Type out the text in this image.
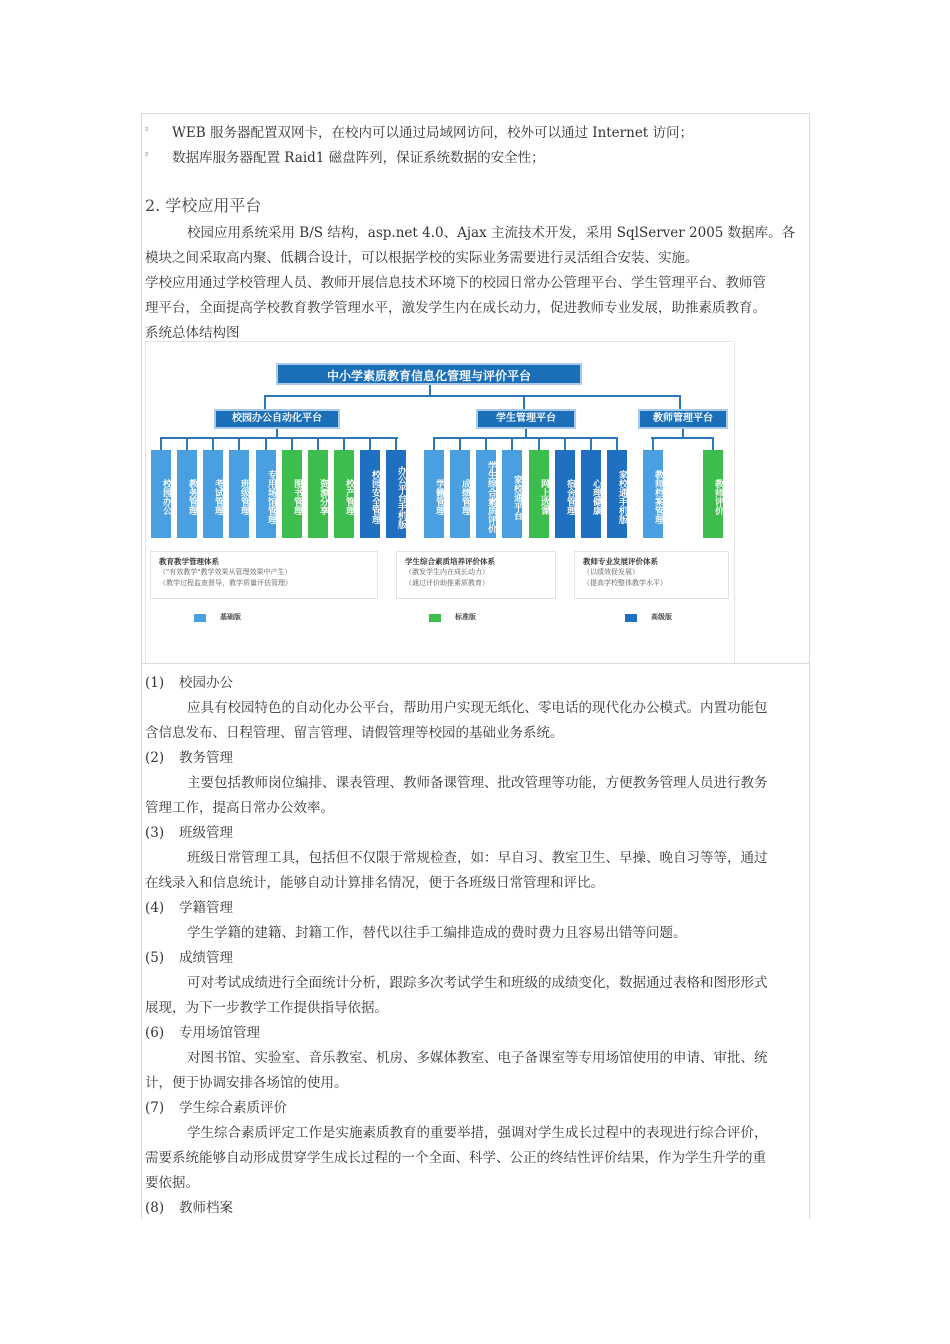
² WEB 服务器配置双网卡，在校内可以通过局域网访问，校外可以通过 Internet 访问；
² 数据库服务器配置 Raid1 磁盘阵列，保证系统数据的安全性；
2. 学校应用平台
校园应用系统采用 B/S 结构，asp.net 4.0、Ajax 主流技术开发，采用 SqlServer 2005 数据库。各
模块之间采取高内聚、低耦合设计，可以根据学校的实际业务需要进行灵活组合安装、实施。
学校应用通过学校管理人员、教师开展信息技术环境下的校园日常办公管理平台、学生管理平台、教师管
理平台，全面提高学校教育教学管理水平，激发学生内在成长动力，促进教师专业发展，助推素质教育。
系统总体结构图
中小学素质教育信息化管理与评价平台
校园办公自动化平台	学生管理平台	教师管理平台
校园办公	教务管理	考试管理	班级管理	专用场馆管理	图书管理	资源分享	校产管理	校园安全管理	办公平台手机版	学籍管理	成绩管理	学生综合素质评价	家校通平台	网上选课	宿舍管理	心理健康	家校通手机版	教师档案管理	教师评价
教育教学管理体系
（"有效教学"教学效果从管理效果中产生）
（教学过程监查督导，教学质量评估管理）
学生综合素质培养评价体系
（激发学生内在成长动力）
（通过评价助推素质教育）
教师专业发展评价体系
（以绩效促发展）
（提高学校整体教学水平）
基础版	标准版	高级版
(1) 校园办公
应具有校园特色的自动化办公平台，帮助用户实现无纸化、零电话的现代化办公模式。内置功能包
含信息发布、日程管理、留言管理、请假管理等校园的基础业务系统。
(2) 教务管理
主要包括教师岗位编排、课表管理、教师备课管理、批改管理等功能，方便教务管理人员进行教务
管理工作，提高日常办公效率。
(3) 班级管理
班级日常管理工具，包括但不仅限于常规检查，如：早自习、教室卫生、早操、晚自习等等，通过
在线录入和信息统计，能够自动计算排名情况，便于各班级日常管理和评比。
(4) 学籍管理
学生学籍的建籍、封籍工作，替代以往手工编排造成的费时费力且容易出错等问题。
(5) 成绩管理
可对考试成绩进行全面统计分析，跟踪多次考试学生和班级的成绩变化，数据通过表格和图形形式
展现，为下一步教学工作提供指导依据。
(6) 专用场馆管理
对图书馆、实验室、音乐教室、机房、多媒体教室、电子备课室等专用场馆使用的申请、审批、统
计，便于协调安排各场馆的使用。
(7) 学生综合素质评价
学生综合素质评定工作是实施素质教育的重要举措，强调对学生成长过程中的表现进行综合评价，
需要系统能够自动形成贯穿学生成长过程的一个全面、科学、公正的终结性评价结果，作为学生升学的重
要依据。
(8) 教师档案
